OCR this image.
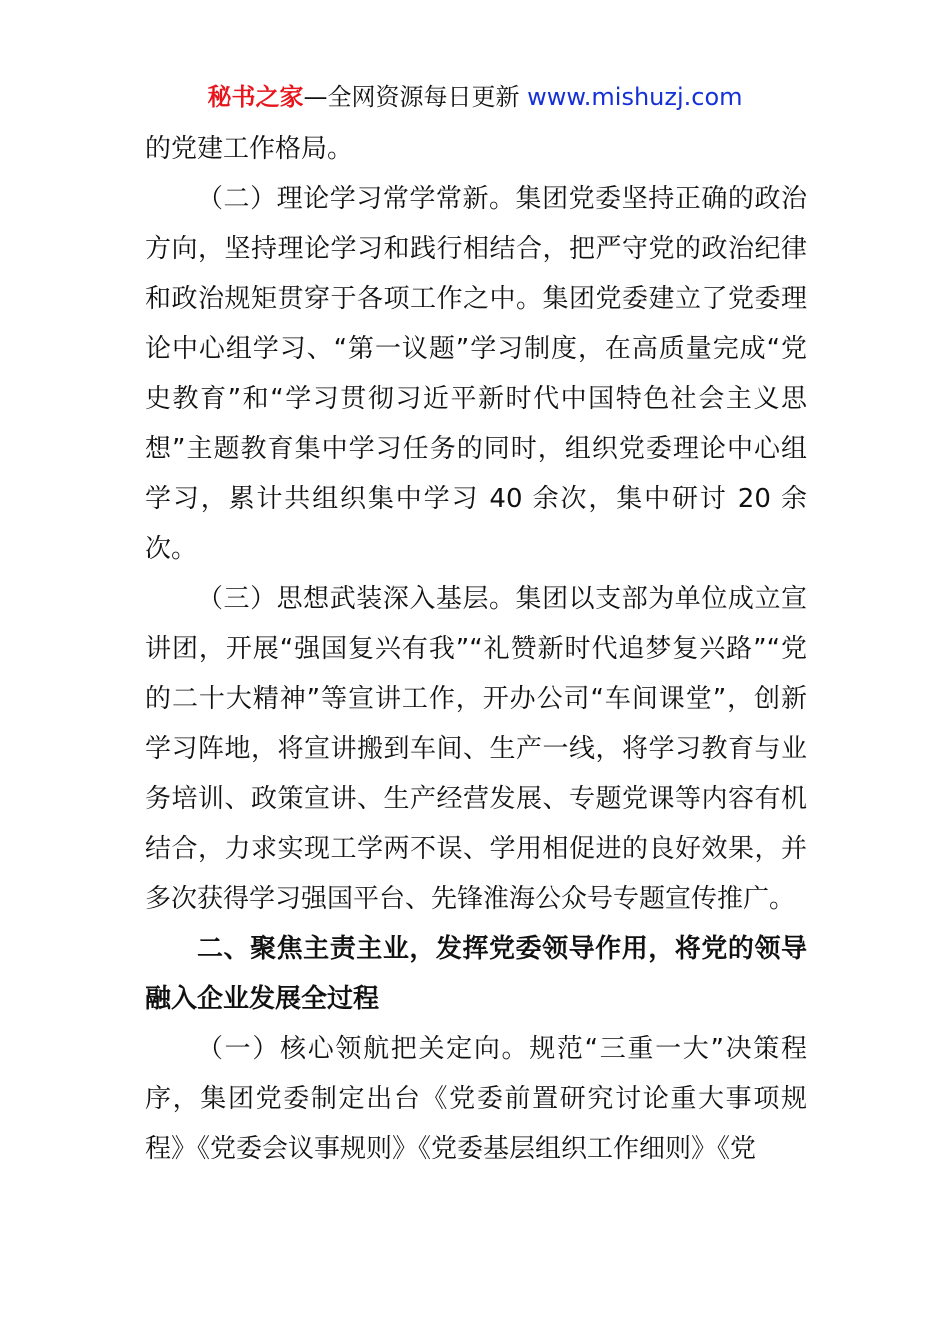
秘书之家—全网资源每日更新 www.mishuzj.com

的党建工作格局。

（二）理论学习常学常新。集团党委坚持正确的政治方向，坚持理论学习和践行相结合，把严守党的政治纪律和政治规矩贯穿于各项工作之中。集团党委建立了党委理论中心组学习、“第一议题”学习制度，在高质量完成“党史教育”和“学习贯彻习近平新时代中国特色社会主义思想”主题教育集中学习任务的同时，组织党委理论中心组学习，累计共组织集中学习 40 余次，集中研讨 20 余次。

（三）思想武装深入基层。集团以支部为单位成立宣讲团，开展“强国复兴有我”“礼赞新时代追梦复兴路”“党的二十大精神”等宣讲工作，开办公司“车间课堂”，创新学习阵地，将宣讲搬到车间、生产一线，将学习教育与业务培训、政策宣讲、生产经营发展、专题党课等内容有机结合，力求实现工学两不误、学用相促进的良好效果，并多次获得学习强国平台、先锋淮海公众号专题宣传推广。

二、聚焦主责主业，发挥党委领导作用，将党的领导融入企业发展全过程

（一）核心领航把关定向。规范“三重一大”决策程序，集团党委制定出台《党委前置研究讨论重大事项规程》《党委会议事规则》《党委基层组织工作细则》《党
